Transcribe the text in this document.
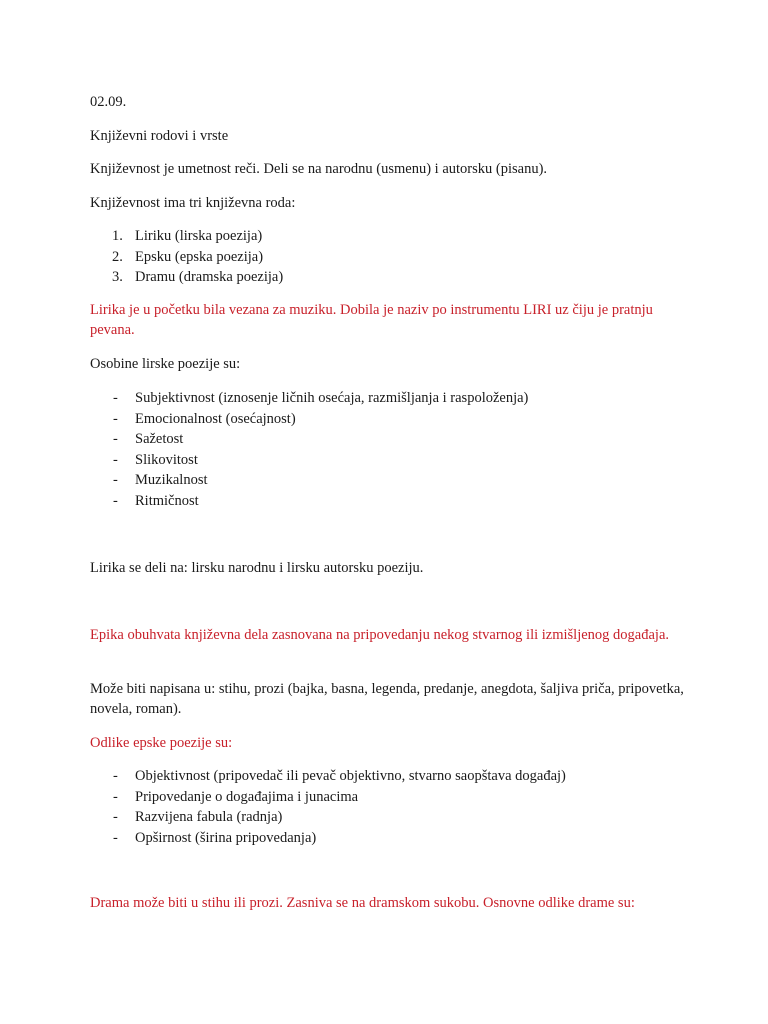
02.09.

Književni rodovi i vrste

Književnost je umetnost reči. Deli se na narodnu (usmenu) i autorsku (pisanu).

Književnost ima tri književna roda:

1. Liriku (lirska poezija)
2. Epsku (epska poezija)
3. Dramu (dramska poezija)

Lirika je u početku bila vezana za muziku. Dobila je naziv po instrumentu LIRI uz čiju je pratnju pevana.

Osobine lirske poezije su:

- Subjektivnost (iznosenje ličnih osećaja, razmišljanja i raspoloženja)
- Emocionalnost (osećajnost)
- Sažetost
- Slikovitost
- Muzikalnost
- Ritmičnost

Lirika se deli na: lirsku narodnu i lirsku autorsku poeziju.

Epika obuhvata književna dela zasnovana na pripovedanju nekog stvarnog ili izmišljenog događaja.

Može biti napisana u: stihu, prozi (bajka, basna, legenda, predanje, anegdota, šaljiva priča, pripovetka, novela, roman).

Odlike epske poezije su:

- Objektivnost (pripovedač ili pevač objektivno, stvarno saopštava događaj)
- Pripovedanje o događajima i junacima
- Razvijena fabula (radnja)
- Opširnost (širina pripovedanja)

Drama može biti u stihu ili prozi. Zasniva se na dramskom sukobu. Osnovne odlike drame su:
